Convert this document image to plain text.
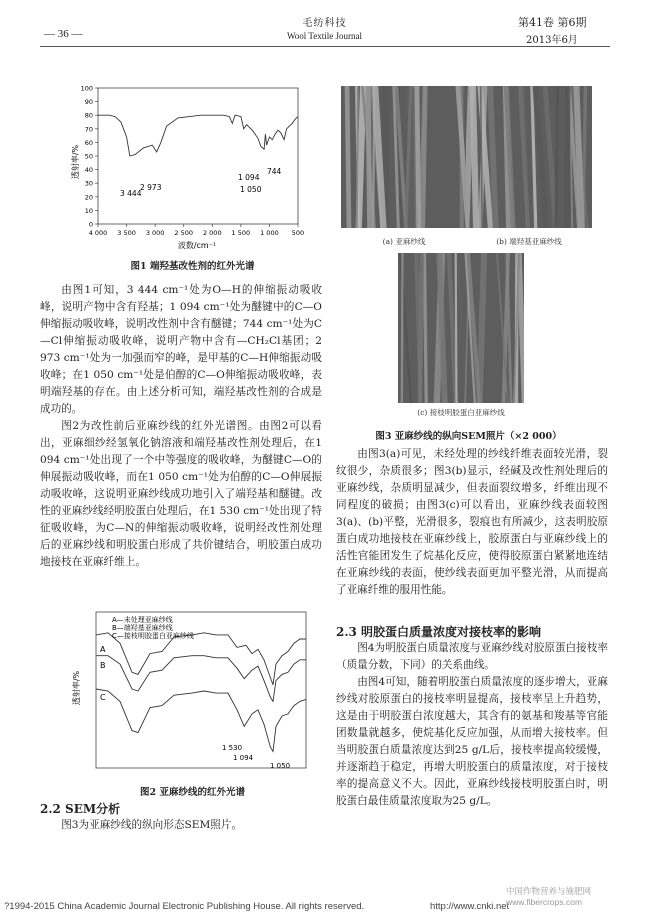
毛纺科技
Wool Textile Journal
— 36 —
第41卷 第6期
2013年6月
0
10
20
30
40
50
60
70
80
90
100
4 000 3 500 3 000 2 500 2 000 1 500 1 000 500
透射率/%
波数/cm⁻¹
3 444
2 973
1 094
1 050
744
图1 端羟基改性剂的红外光谱

由图1可知，3 444 cm⁻¹处为O—H的伸缩振动吸收峰，说明产物中含有羟基；1 094 cm⁻¹处为醚键中的C—O伸缩振动吸收峰，说明改性剂中含有醚键；744 cm⁻¹处为C—Cl伸缩振动吸收峰，说明产物中含有—CH₂Cl基团；2 973 cm⁻¹处为一加强而窄的峰，是甲基的C—H伸缩振动吸收峰；在1 050 cm⁻¹处是伯醇的C—O伸缩振动吸收峰，表明端羟基的存在。由上述分析可知，端羟基改性剂的合成是成功的。

图2为改性前后亚麻纱线的红外光谱图。由图2可以看出，亚麻细纱经氢氧化钠溶液和端羟基改性剂处理后，在1 094 cm⁻¹处出现了一个中等强度的吸收峰，为醚键C—O的伸展振动吸收峰，而在1 050 cm⁻¹处为伯醇的C—O伸展振动吸收峰，这说明亚麻纱线成功地引入了端羟基和醚键。改性的亚麻纱线经明胶蛋白处理后，在1 530 cm⁻¹处出现了特征吸收峰，为C—N的伸缩振动吸收峰，说明经改性剂处理后的亚麻纱线和明胶蛋白形成了共价键结合，明胶蛋白成功地接枝在亚麻纤维上。

透射率/%
A—未处理亚麻纱线
B—端羟基亚麻纱线
C—接枝明胶蛋白亚麻纱线
A
B
C
1 530
1 094
1 050
图2 亚麻纱线的红外光谱
2.2 SEM分析

图3为亚麻纱线的纵向形态SEM照片。

(a) 亚麻纱线	(b) 端羟基亚麻纱线
(c) 接枝明胶蛋白亚麻纱线
图3 亚麻纱线的纵向SEM照片（×2 000）

由图3(a)可见，未经处理的纱线纤维表面较光滑，裂纹很少，杂质很多；图3(b)显示，经碱及改性剂处理后的亚麻纱线，杂质明显减少，但表面裂纹增多，纤维出现不同程度的破损；由图3(c)可以看出，亚麻纱线表面较图3(a)、(b)平整，光滑很多，裂痕也有所减少，这表明胶原蛋白成功地接枝在亚麻纱线上，胶原蛋白与亚麻纱线上的活性官能团发生了烷基化反应，使得胶原蛋白紧紧地连结在亚麻纱线的表面，使纱线表面更加平整光滑，从而提高了亚麻纤维的服用性能。

2.3 明胶蛋白质量浓度对接枝率的影响

图4为明胶蛋白质量浓度与亚麻纱线对胶原蛋白接枝率（质量分数，下同）的关系曲线。

由图4可知，随着明胶蛋白质量浓度的逐步增大，亚麻纱线对胶原蛋白的接枝率明显提高，接枝率呈上升趋势，这是由于明胶蛋白浓度越大，其含有的氨基和羧基等官能团数量就越多，使烷基化反应加强，从而增大接枝率。但当明胶蛋白质量浓度达到25 g/L后，接枝率提高较缓慢，并逐渐趋于稳定，再增大明胶蛋白的质量浓度，对于接枝率的提高意义不大。因此，亚麻纱线接枝明胶蛋白时，明胶蛋白最佳质量浓度取为25 g/L。

?1994-2015 China Academic Journal Electronic Publishing House. All rights reserved.	http://www.cnki.net
中国作物营养与施肥网 www.fibercrops.com
